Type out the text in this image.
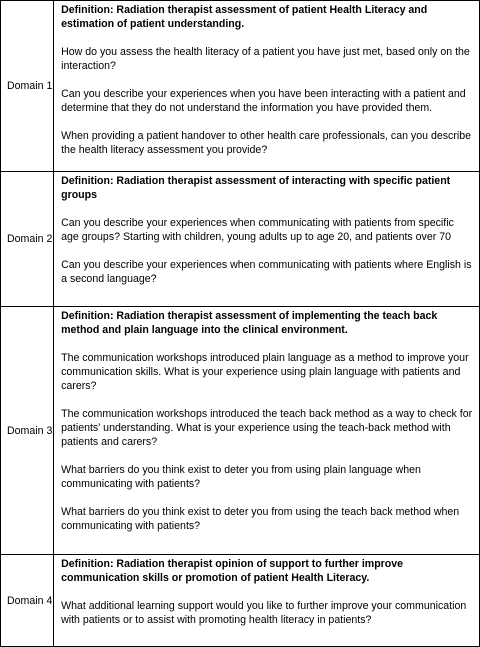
Domain 1	Definition: Radiation therapist assessment of patient Health Literacy and estimation of patient understanding.

How do you assess the health literacy of a patient you have just met, based only on the interaction?

Can you describe your experiences when you have been interacting with a patient and determine that they do not understand the information you have provided them.

When providing a patient handover to other health care professionals, can you describe the health literacy assessment you provide?

Domain 2	Definition: Radiation therapist assessment of interacting with specific patient groups

Can you describe your experiences when communicating with patients from specific age groups? Starting with children, young adults up to age 20, and patients over 70

Can you describe your experiences when communicating with patients where English is a second language?

Domain 3	Definition: Radiation therapist assessment of implementing the teach back method and plain language into the clinical environment.

The communication workshops introduced plain language as a method to improve your communication skills. What is your experience using plain language with patients and carers?

The communication workshops introduced the teach back method as a way to check for patients' understanding. What is your experience using the teach-back method with patients and carers?

What barriers do you think exist to deter you from using plain language when communicating with patients?

What barriers do you think exist to deter you from using the teach back method when communicating with patients?

Domain 4	Definition: Radiation therapist opinion of support to further improve communication skills or promotion of patient Health Literacy.

What additional learning support would you like to further improve your communication with patients or to assist with promoting health literacy in patients?
